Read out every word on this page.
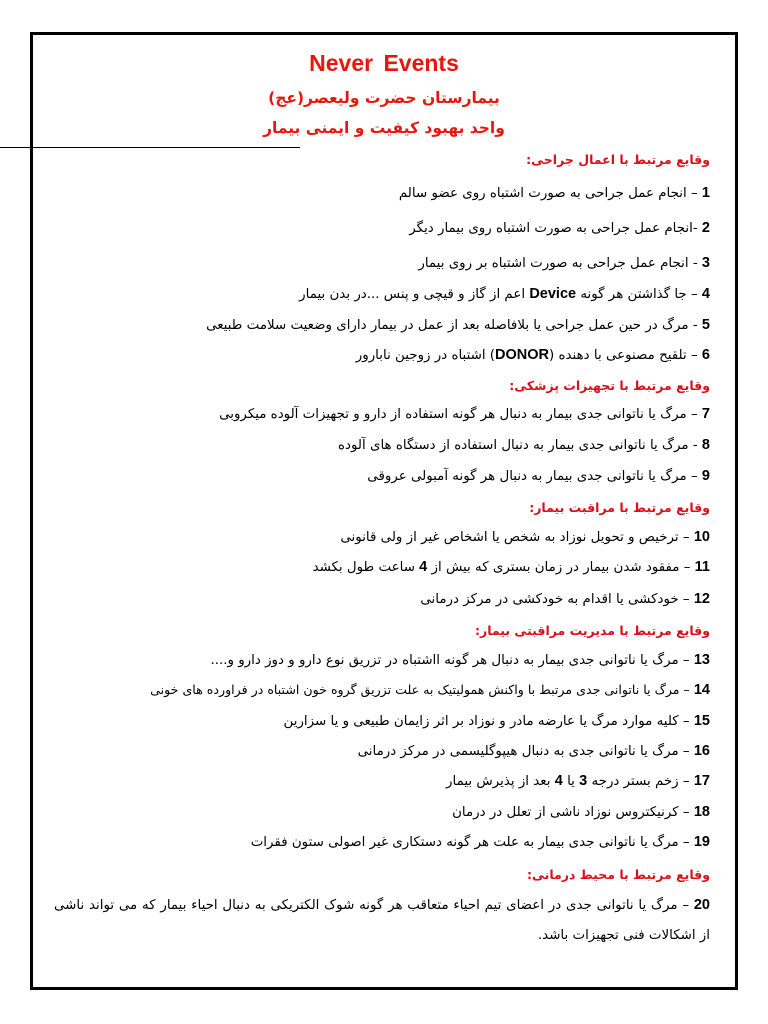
Never Events
بیمارستان حضرت ولیعصر(عج)
واحد بهبود کیفیت و ایمنی بیمار
وقایع مرتبط با اعمال جراحی:
1 – انجام عمل جراحی به صورت اشتباه روی عضو سالم
2 -انجام عمل جراحی به صورت اشتباه روی بیمار دیگر
3 - انجام عمل جراحی به صورت اشتباه بر روی بیمار
4 – جا گذاشتن هر گونه Device اعم از گاز و قیچی و پنس ...در بدن بیمار
5 - مرگ در حین عمل جراحی یا بلافاصله بعد از عمل در بیمار دارای وضعیت سلامت طبیعی
6 – تلقیح مصنوعی با دهنده (DONOR) اشتباه در زوجین نابارور
وقایع مرتبط با تجهیزات پزشکی:
7 – مرگ یا ناتوانی جدی بیمار به دنبال هر گونه استفاده از دارو و تجهیزات آلوده میکروبی
8 - مرگ یا ناتوانی جدی بیمار به دنبال استفاده از دستگاه های آلوده
9 – مرگ یا ناتوانی جدی بیمار به دنبال هر گونه آمبولی عروقی
وقایع مرتبط با مراقبت بیمار:
10 – ترخیص و تحویل نوزاد به شخص یا اشخاص غیر از ولی قانونی
11 – مفقود شدن بیمار در زمان بستری که بیش از 4 ساعت طول بکشد
12 – خودکشی یا اقدام به خودکشی در مرکز درمانی
وقایع مرتبط با مدیریت مراقبتی بیمار:
13 – مرگ یا ناتوانی جدی بیمار به دنبال هر گونه ااشتباه در تزریق نوع دارو و دوز دارو و....
14 – مرگ یا ناتوانی جدی مرتبط با واکنش همولیتیک به علت تزریق گروه خون اشتباه در فراورده های خونی
15 – کلیه موارد مرگ یا عارضه مادر و نوزاد بر اثر زایمان طبیعی و یا سزارین
16 – مرگ یا ناتوانی جدی به دنبال هیپوگلیسمی در مرکز درمانی
17 – زخم بستر درجه 3 یا 4 بعد از پذیرش بیمار
18 – کرنیکتروس نوزاد ناشی از تعلل در درمان
19 – مرگ یا ناتوانی جدی بیمار به علت هر گونه دستکاری غیر اصولی ستون فقرات
وقایع مرتبط با محیط درمانی:
20 – مرگ یا ناتوانی جدی در اعضای تیم احیاء متعاقب هر گونه شوک الکتریکی به دنبال احیاء بیمار که می تواند ناشی از اشکالات فنی تجهیزات باشد.
